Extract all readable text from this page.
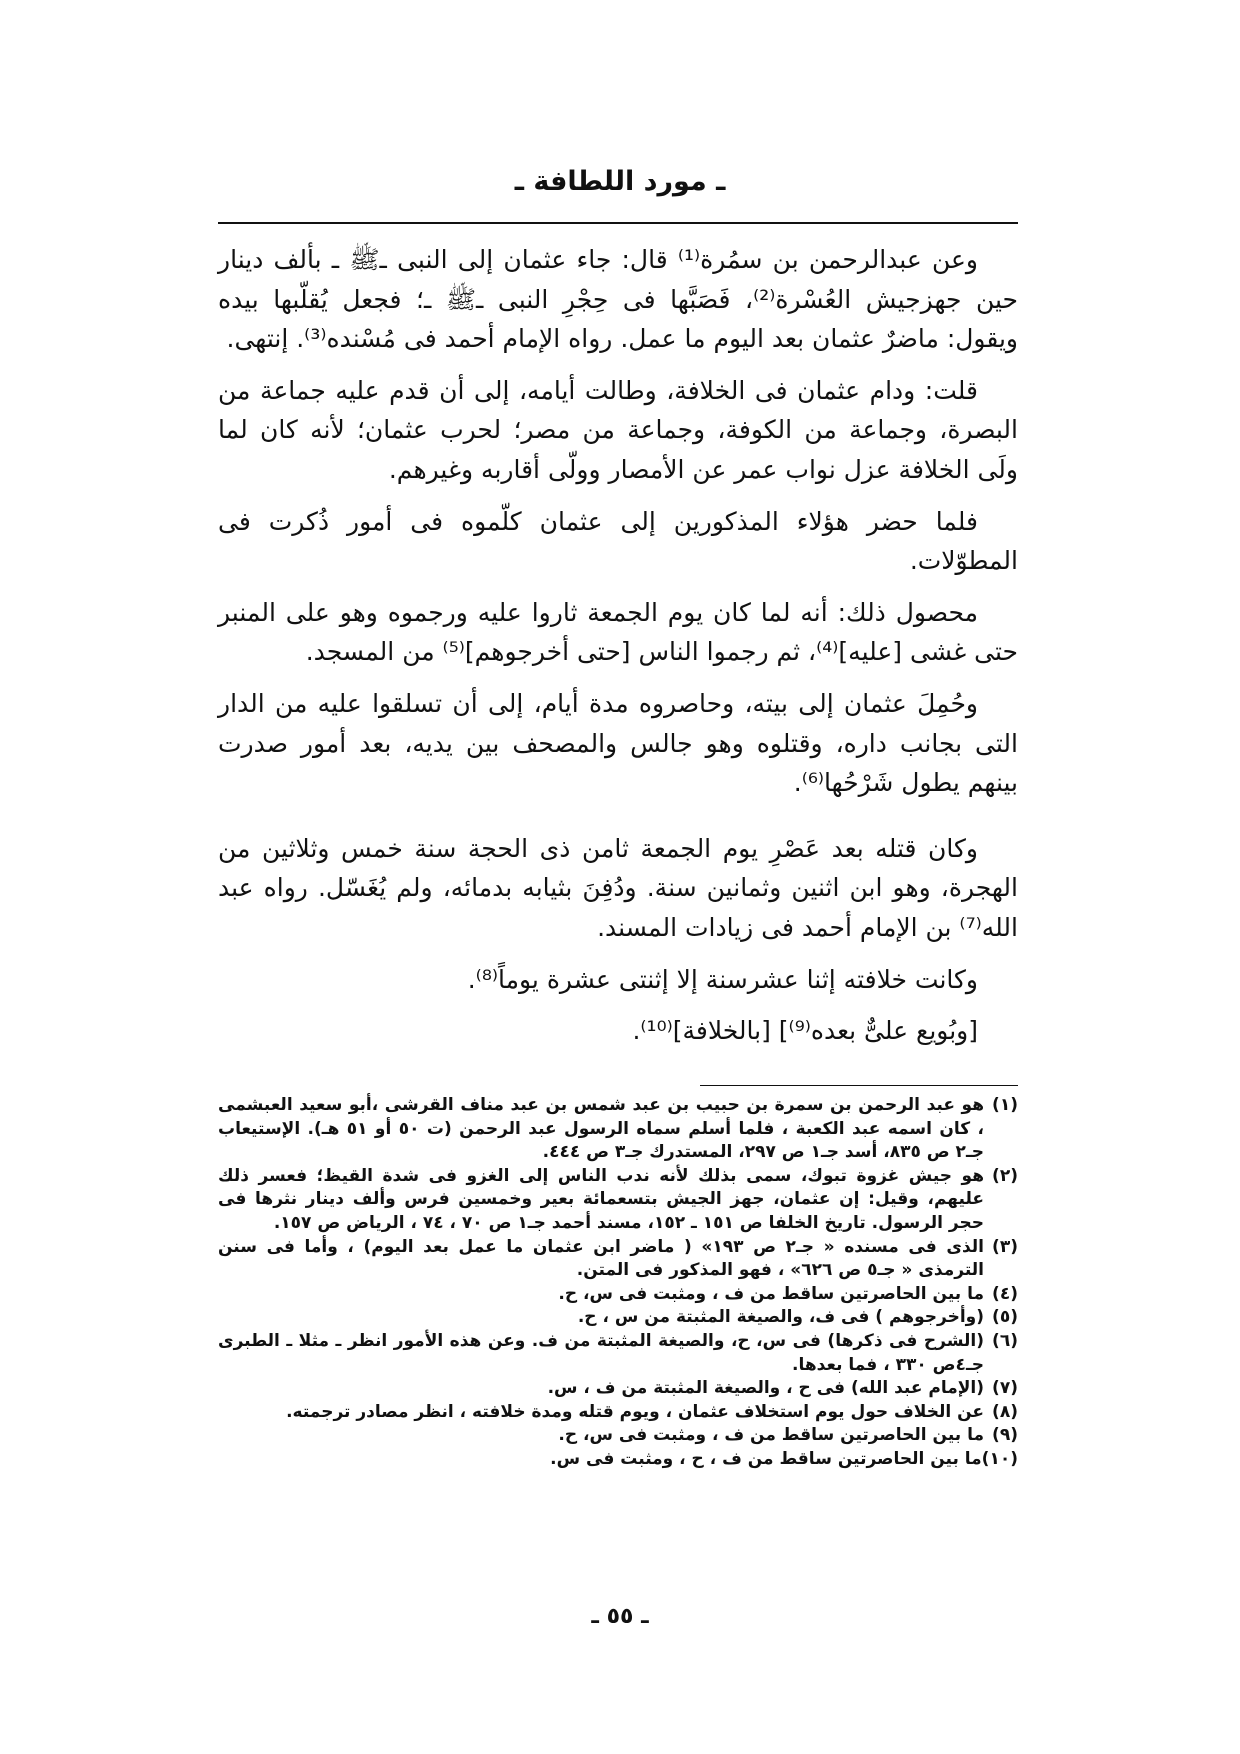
ـ مورد اللطافة ـ

وعن عبدالرحمن بن سمُرة⁽¹⁾ قال: جاء عثمان إلى النبى ـﷺ ـ بألف دينار حين جهزجيش العُسْرة⁽²⁾، فَصَبَّها فى حِجْرِ النبى ـﷺ ـ؛ فجعل يُقلّبها بيده ويقول: ماضرٌ عثمان بعد اليوم ما عمل. رواه الإمام أحمد فى مُسْنده⁽³⁾. إنتهى.

قلت: ودام عثمان فى الخلافة، وطالت أيامه، إلى أن قدم عليه جماعة من البصرة، وجماعة من الكوفة، وجماعة من مصر؛ لحرب عثمان؛ لأنه كان لما ولَى الخلافة عزل نواب عمر عن الأمصار وولّى أقاربه وغيرهم.

فلما حضر هؤلاء المذكورين إلى عثمان كلّموه فى أمور ذُكرت فى المطوّلات.

محصول ذلك: أنه لما كان يوم الجمعة ثاروا عليه ورجموه وهو على المنبر حتى غشى [عليه]⁽⁴⁾، ثم رجموا الناس [حتى أخرجوهم]⁽⁵⁾ من المسجد.

وحُمِلَ عثمان إلى بيته، وحاصروه مدة أيام، إلى أن تسلقوا عليه من الدار التى بجانب داره، وقتلوه وهو جالس والمصحف بين يديه، بعد أمور صدرت بينهم يطول شَرْحُها⁽⁶⁾.

وكان قتله بعد عَصْرِ يوم الجمعة ثامن ذى الحجة سنة خمس وثلاثين من الهجرة، وهو ابن اثنين وثمانين سنة. ودُفِنَ بثيابه بدمائه، ولم يُغَسّل. رواه عبد الله⁽⁷⁾ بن الإمام أحمد فى زيادات المسند.

وكانت خلافته إثنا عشرسنة إلا إثنتى عشرة يوماً⁽⁸⁾.

[وبُويع علىٌّ بعده⁽⁹⁾] [بالخلافة]⁽¹⁰⁾.

(١)
هو عبد الرحمن بن سمرة بن حبيب بن عبد شمس بن عبد مناف القرشى ،أبو سعيد العبشمى ، كان اسمه عبد الكعبة ، فلما أسلم سماه الرسول عبد الرحمن (ت ٥٠ أو ٥١ هـ). الإستيعاب جـ٢ ص ٨٣٥، أسد جـ١ ص ٢٩٧، المستدرك جـ٣ ص ٤٤٤.
(٢)
هو جيش غزوة تبوك، سمى بذلك لأنه ندب الناس إلى الغزو فى شدة القيظ؛ فعسر ذلك عليهم، وقيل: إن عثمان، جهز الجيش بتسعمائة بعير وخمسين فرس وألف دينار نثرها فى حجر الرسول. تاريخ الخلفا ص ١٥١ ـ ١٥٢، مسند أحمد جـ١ ص ٧٠ ، ٧٤ ، الرياض ص ١٥٧.
(٣)
الذى فى مسنده « جـ٢ ص ١٩٣» ( ماضر ابن عثمان ما عمل بعد اليوم) ، وأما فى سنن الترمذى « جـ٥ ص ٦٢٦» ، فهو المذكور فى المتن.
(٤)
ما بين الحاصرتين ساقط من ف ، ومثبت فى س، ح.
(٥)
(وأخرجوهم ) فى ف، والصيغة المثبتة من س ، ح.
(٦)
(الشرح فى ذكرها) فى س، ح، والصيغة المثبتة من ف. وعن هذه الأمور انظر ـ مثلا ـ الطبرى جـ٤ص ٣٣٠ ، فما بعدها.
(٧)
(الإمام عبد الله) فى ح ، والصيغة المثبتة من ف ، س.
(٨)
عن الخلاف حول يوم استخلاف عثمان ، ويوم قتله ومدة خلافته ، انظر مصادر ترجمته.
(٩)
ما بين الحاصرتين ساقط من ف ، ومثبت فى س، ح.
(١٠)
ما بين الحاصرتين ساقط من ف ، ح ، ومثبت فى س.
ـ ٥٥ ـ
